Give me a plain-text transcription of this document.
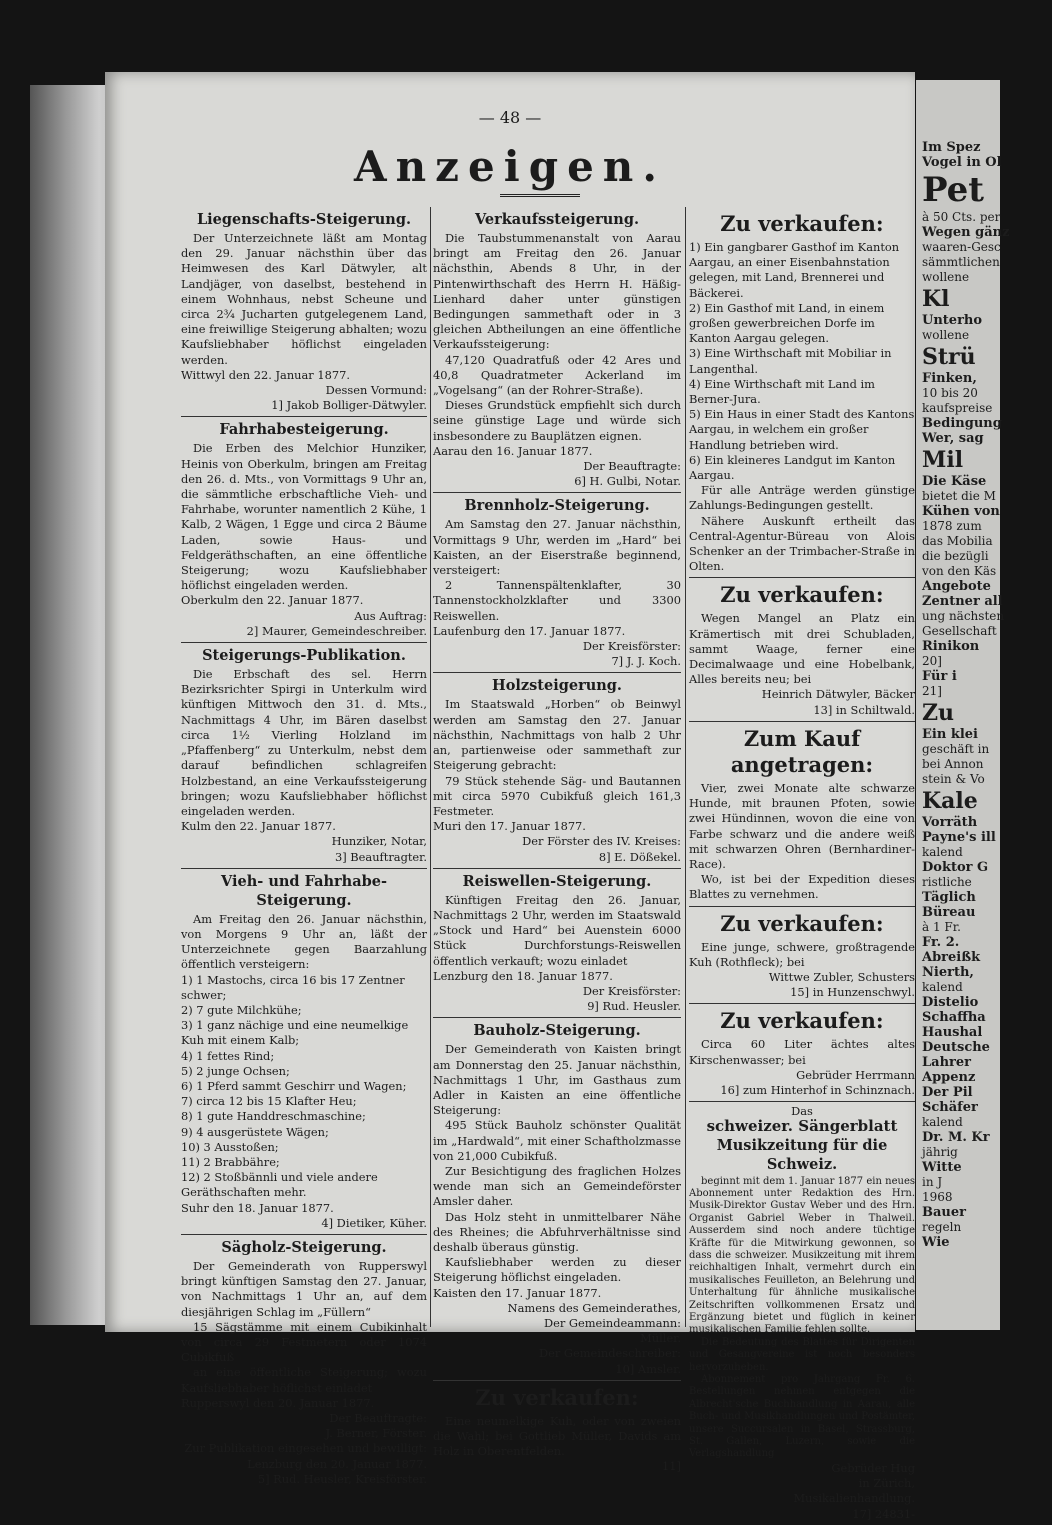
— 48 —
Anzeigen.
Liegenschafts-Steigerung.

Der Unterzeichnete läßt am Montag den 29. Januar nächsthin über das Heimwesen des Karl Dätwyler, alt Landjäger, von daselbst, bestehend in einem Wohnhaus, nebst Scheune und circa 2¾ Jucharten gutgelegenem Land, eine freiwillige Steigerung abhalten; wozu Kaufsliebhaber höflichst eingeladen werden.

Wittwyl den 22. Januar 1877.

Dessen Vormund:

1] Jakob Bolliger-Dätwyler.

Fahrhabesteigerung.

Die Erben des Melchior Hunziker, Heinis von Oberkulm, bringen am Freitag den 26. d. Mts., von Vormittags 9 Uhr an, die sämmtliche erbschaftliche Vieh- und Fahrhabe, worunter namentlich 2 Kühe, 1 Kalb, 2 Wägen, 1 Egge und circa 2 Bäume Laden, sowie Haus- und Feldgeräthschaften, an eine öffentliche Steigerung; wozu Kaufsliebhaber höflichst eingeladen werden.

Oberkulm den 22. Januar 1877.

Aus Auftrag:

2] Maurer, Gemeindeschreiber.

Steigerungs-Publikation.

Die Erbschaft des sel. Herrn Bezirksrichter Spirgi in Unterkulm wird künftigen Mittwoch den 31. d. Mts., Nachmittags 4 Uhr, im Bären daselbst circa 1½ Vierling Holzland im „Pfaffenberg“ zu Unterkulm, nebst dem darauf befindlichen schlagreifen Holzbestand, an eine Verkaufssteigerung bringen; wozu Kaufsliebhaber höflichst eingeladen werden.

Kulm den 22. Januar 1877.

Hunziker, Notar,

3] Beauftragter.

Vieh- und Fahrhabe-Steigerung.

Am Freitag den 26. Januar nächsthin, von Morgens 9 Uhr an, läßt der Unterzeichnete gegen Baarzahlung öffentlich versteigern:

1) 1 Mastochs, circa 16 bis 17 Zentner schwer;

2) 7 gute Milchkühe;

3) 1 ganz nächige und eine neumelkige Kuh mit einem Kalb;

4) 1 fettes Rind;

5) 2 junge Ochsen;

6) 1 Pferd sammt Geschirr und Wagen;

7) circa 12 bis 15 Klafter Heu;

8) 1 gute Handdreschmaschine;

9) 4 ausgerüstete Wägen;

10) 3 Ausstoßen;

11) 2 Brabbähre;

12) 2 Stoßbännli und viele andere Geräthschaften mehr.

Suhr den 18. Januar 1877.

4] Dietiker, Küher.

Sägholz-Steigerung.

Der Gemeinderath von Rupperswyl bringt künftigen Samstag den 27. Januar, von Nachmittags 1 Uhr an, auf dem diesjährigen Schlag im „Füllern“

15 Sägstämme mit einem Cubikinhalt von circa 29 Festmetern oder 1074 Cubikfuß

an eine öffentliche Steigerung; wozu Kaufsliebhaber höflichst einladet

Rupperswyl den 20. Januar 1877.

Der Beauftragte:

J. Berner, Förster.

Zur Publikation eingesehen und bewilligt:

Lenzburg den 20. Januar 1877.

5] Rud. Heusler, Kreisförster.

Verkaufssteigerung.

Die Taubstummenanstalt von Aarau bringt am Freitag den 26. Januar nächsthin, Abends 8 Uhr, in der Pintenwirthschaft des Herrn H. Häßig-Lienhard daher unter günstigen Bedingungen sammethaft oder in 3 gleichen Abtheilungen an eine öffentliche Verkaufssteigerung:

47,120 Quadratfuß oder 42 Ares und 40,8 Quadratmeter Ackerland im „Vogelsang“ (an der Rohrer-Straße).

Dieses Grundstück empfiehlt sich durch seine günstige Lage und würde sich insbesondere zu Bauplätzen eignen.

Aarau den 16. Januar 1877.

Der Beauftragte:

6] H. Gulbi, Notar.

Brennholz-Steigerung.

Am Samstag den 27. Januar nächsthin, Vormittags 9 Uhr, werden im „Hard“ bei Kaisten, an der Eiserstraße beginnend, versteigert:

2 Tannenspältenklafter, 30 Tannenstockholzklafter und 3300 Reiswellen.

Laufenburg den 17. Januar 1877.

Der Kreisförster:

7] J. J. Koch.

Holzsteigerung.

Im Staatswald „Horben“ ob Beinwyl werden am Samstag den 27. Januar nächsthin, Nachmittags von halb 2 Uhr an, partienweise oder sammethaft zur Steigerung gebracht:

79 Stück stehende Säg- und Bautannen mit circa 5970 Cubikfuß gleich 161,3 Festmeter.

Muri den 17. Januar 1877.

Der Förster des IV. Kreises:

8] E. Dößekel.

Reiswellen-Steigerung.

Künftigen Freitag den 26. Januar, Nachmittags 2 Uhr, werden im Staatswald „Stock und Hard“ bei Auenstein 6000 Stück Durchforstungs-Reiswellen öffentlich verkauft; wozu einladet

Lenzburg den 18. Januar 1877.

Der Kreisförster:

9] Rud. Heusler.

Bauholz-Steigerung.

Der Gemeinderath von Kaisten bringt am Donnerstag den 25. Januar nächsthin, Nachmittags 1 Uhr, im Gasthaus zum Adler in Kaisten an eine öffentliche Steigerung:

495 Stück Bauholz schönster Qualität im „Hardwald“, mit einer Schaftholzmasse von 21,000 Cubikfuß.

Zur Besichtigung des fraglichen Holzes wende man sich an Gemeindeförster Amsler daher.

Das Holz steht in unmittelbarer Nähe des Rheines; die Abfuhrverhältnisse sind deshalb überaus günstig.

Kaufsliebhaber werden zu dieser Steigerung höflichst eingeladen.

Kaisten den 17. Januar 1877.

Namens des Gemeinderathes,

Der Gemeindeammann:

Müller.

Der Gemeindeschreiber:

10] Amsler.

Zu verkaufen:

Eine neumelkige Kuh, oder von zweien die Wahl; bei Gottlieb Müller, Davids am Holz in Oberentfelden.

11]

Zu verkaufen:

1) Ein gangbarer Gasthof im Kanton Aargau, an einer Eisenbahnstation gelegen, mit Land, Brennerei und Bäckerei.

2) Ein Gasthof mit Land, in einem großen gewerbreichen Dorfe im Kanton Aargau gelegen.

3) Eine Wirthschaft mit Mobiliar in Langenthal.

4) Eine Wirthschaft mit Land im Berner-Jura.

5) Ein Haus in einer Stadt des Kantons Aargau, in welchem ein großer Handlung betrieben wird.

6) Ein kleineres Landgut im Kanton Aargau.

Für alle Anträge werden günstige Zahlungs-Bedingungen gestellt.

Nähere Auskunft ertheilt das Central-Agentur-Büreau von Alois Schenker an der Trimbacher-Straße in Olten.

Zu verkaufen:

Wegen Mangel an Platz ein Krämertisch mit drei Schubladen, sammt Waage, ferner eine Decimalwaage und eine Hobelbank, Alles bereits neu; bei

Heinrich Dätwyler, Bäcker

13] in Schiltwald.

Zum Kauf angetragen:

Vier, zwei Monate alte schwarze Hunde, mit braunen Pfoten, sowie zwei Hündinnen, wovon die eine von Farbe schwarz und die andere weiß mit schwarzen Ohren (Bernhardiner-Race).

Wo, ist bei der Expedition dieses Blattes zu vernehmen.

Zu verkaufen:

Eine junge, schwere, großtragende Kuh (Rothfleck); bei

Wittwe Zubler, Schusters

15] in Hunzenschwyl.

Zu verkaufen:

Circa 60 Liter ächtes altes Kirschenwasser; bei

Gebrüder Herrmann

16] zum Hinterhof in Schinznach.

Das

schweizer. Sängerblatt

Musikzeitung für die Schweiz.

beginnt mit dem 1. Januar 1877 ein neues Abonnement unter Redaktion des Hrn. Musik-Direktor Gustav Weber und des Hrn. Organist Gabriel Weber in Thalweil. Ausserdem sind noch andere tüchtige Kräfte für die Mitwirkung gewonnen, so dass die schweizer. Musikzeitung mit ihrem reichhaltigen Inhalt, vermehrt durch ein musikalisches Feuilleton, an Belehrung und Unterhaltung für ähnliche musikalische Zeitschriften vollkommenen Ersatz und Ergänzung bietet und füglich in keiner musikalischen Familie fehlen sollte.

Die Bedeutung des Blattes für Dirigenten und Gesangvereine ist noch besonders hervorzuheben.

Abonnement pro Jahrgang Fr. 6. Bestellungen nehmen entgegen die Albrecht'sche Buchhandlung in Aarau, alle Buch- und Musikhandlungen und Postämter, unsere Succursalen in Basel, Strassburg, St. Gallen, Luzern, sowie die Verlagshandlung

Gebrüder Hug

in Zürich,

Musikalienhandlung.

17] 24831-

Im Spez
Vogel in Ol
Pet
à 50 Cts. per
Wegen gänz
waaren-Gesc
sämmtlichen
wollene
Kl
Unterho
wollene
Strü
Finken,
10 bis 20
kaufspreise
Bedingung
Wer, sag
Mil
Die Käse
bietet die M
Kühen von
1878 zum
das Mobilia
die bezügli
von den Käs
Angebote
Zentner all
ung nächsten
Gesellschaft
Rinikon
20]
Für i
21]
Zu
Ein klei
geschäft in
bei Annon
stein & Vo
Kale
Vorräth
Payne's ill
kalend
Doktor G
ristliche
Täglich
Büreau
à 1 Fr.
Fr. 2.
Abreißk
Nierth,
kalend
Distelio
Schaffha
Haushal
Deutsche
Lahrer
Appenz
Der Pil
Schäfer
kalend
Dr. M. Kr
jährig
Witte
in J
1968
Bauer
regeln
Wie
